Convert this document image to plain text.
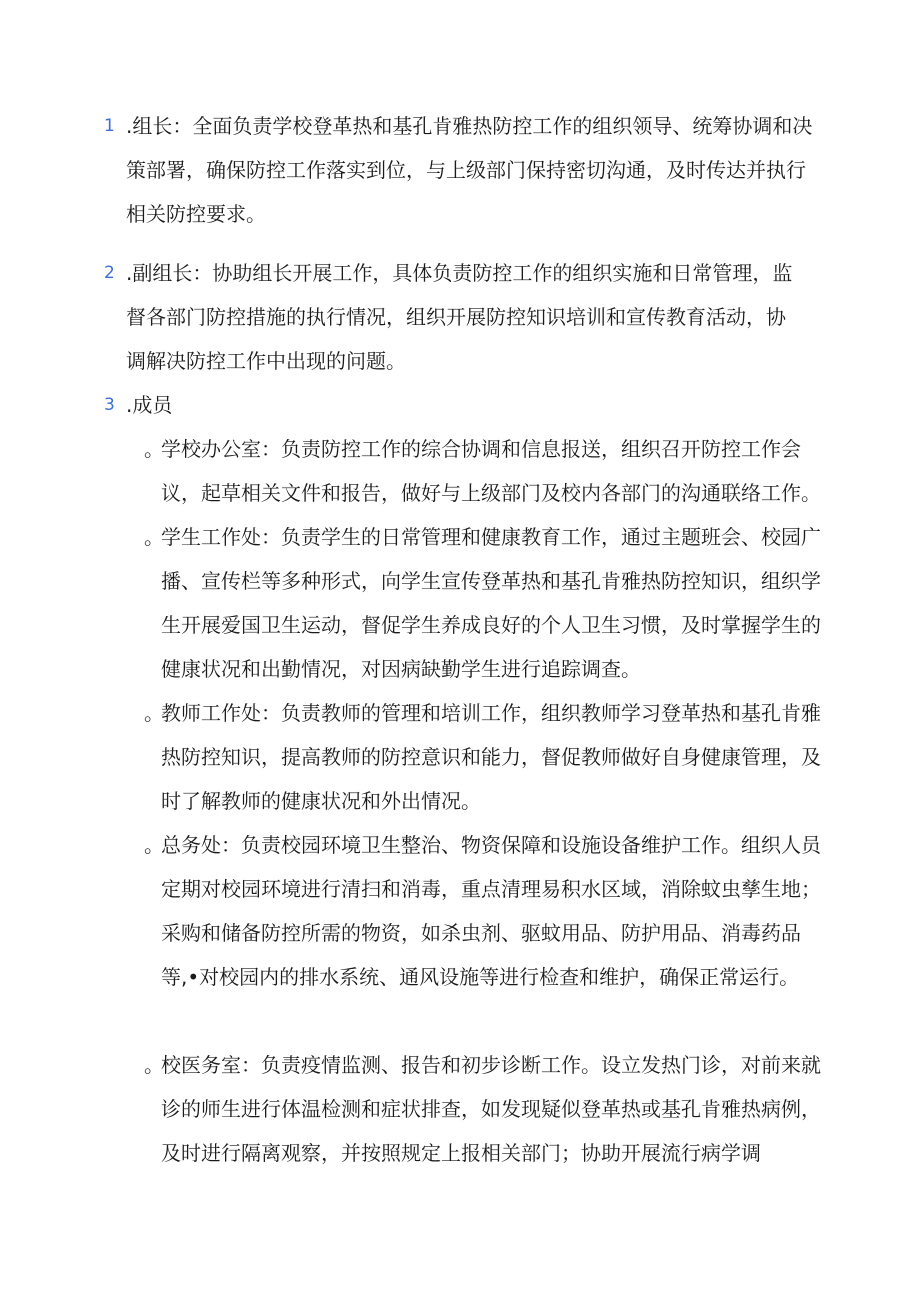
1 .组长：全面负责学校登革热和基孔肯雅热防控工作的组织领导、统筹协调和决策部署，确保防控工作落实到位，与上级部门保持密切沟通，及时传达并执行相关防控要求。
2 .副组长：协助组长开展工作，具体负责防控工作的组织实施和日常管理，监督各部门防控措施的执行情况，组织开展防控知识培训和宣传教育活动，协调解决防控工作中出现的问题。
3 .成员
。
学校办公室：负责防控工作的综合协调和信息报送，组织召开防控工作会议，起草相关文件和报告，做好与上级部门及校内各部门的沟通联络工作。
。
学生工作处：负责学生的日常管理和健康教育工作，通过主题班会、校园广播、宣传栏等多种形式，向学生宣传登革热和基孔肯雅热防控知识，组织学生开展爱国卫生运动，督促学生养成良好的个人卫生习惯，及时掌握学生的健康状况和出勤情况，对因病缺勤学生进行追踪调查。
。
教师工作处：负责教师的管理和培训工作，组织教师学习登革热和基孔肯雅热防控知识，提高教师的防控意识和能力，督促教师做好自身健康管理，及时了解教师的健康状况和外出情况。
。
总务处：负责校园环境卫生整治、物资保障和设施设备维护工作。组织人员定期对校园环境进行清扫和消毒，重点清理易积水区域，消除蚊虫孳生地；采购和储备防控所需的物资，如杀虫剂、驱蚊用品、防护用品、消毒药品等,•对校园内的排水系统、通风设施等进行检查和维护，确保正常运行。
。
校医务室：负责疫情监测、报告和初步诊断工作。设立发热门诊，对前来就诊的师生进行体温检测和症状排查，如发现疑似登革热或基孔肯雅热病例，及时进行隔离观察，并按照规定上报相关部门；协助开展流行病学调
